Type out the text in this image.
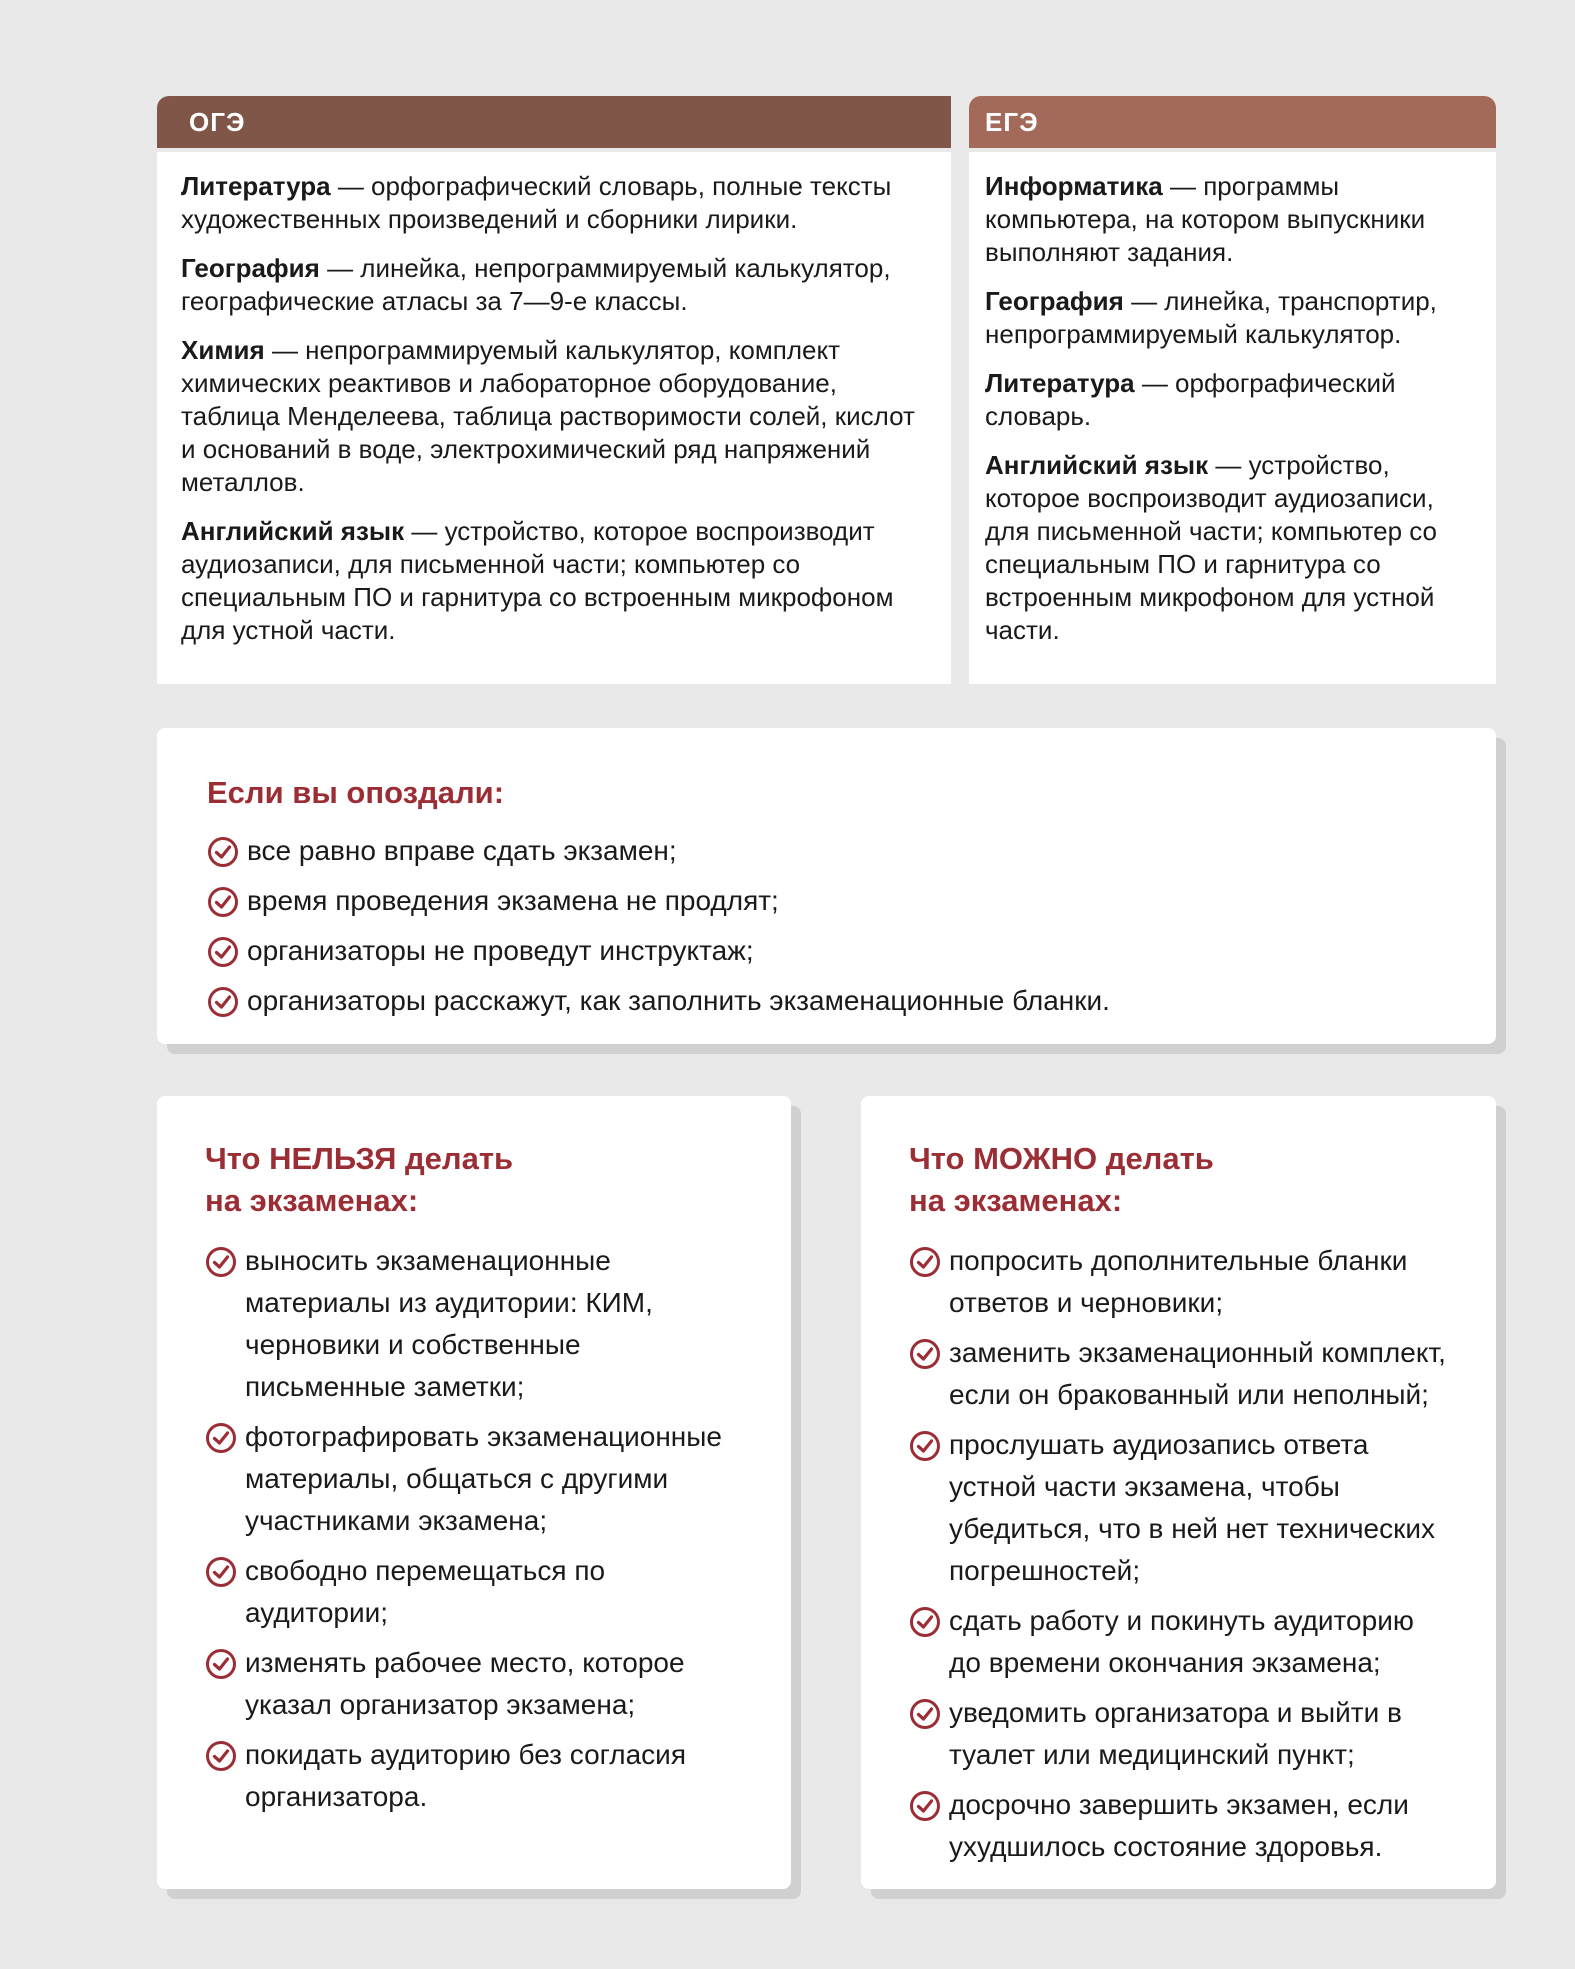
ОГЭ

Литература — орфографический словарь, полные тексты художественных произведений и сборники лирики.

География — линейка, непрограммируемый калькулятор, географические атласы за 7—9-е классы.

Химия — непрограммируемый калькулятор, комплект химических реактивов и лабораторное оборудование, таблица Менделеева, таблица растворимости солей, кислот и оснований в воде, электрохимический ряд напряжений металлов.

Английский язык — устройство, которое воспроизводит аудиозаписи, для письменной части; компьютер со специальным ПО и гарнитура со встроенным микрофоном для устной части.

ЕГЭ

Информатика — программы компьютера, на котором выпускники выполняют задания.

География — линейка, транспортир, непрограммируемый калькулятор.

Литература — орфографический словарь.

Английский язык — устройство, которое воспроизводит аудиозаписи, для письменной части; компьютер со специальным ПО и гарнитура со встроенным микрофоном для устной части.

Если вы опоздали:
все равно вправе сдать экзамен;
время проведения экзамена не продлят;
организаторы не проведут инструктаж;
организаторы расскажут, как заполнить экзаменационные бланки.
Что НЕЛЬЗЯ делать
на экзаменах:
выносить экзаменационные материалы из аудитории: КИМ, черновики и собственные письменные заметки;
фотографировать экзаменационные материалы, общаться с другими участниками экзамена;
свободно перемещаться по аудитории;
изменять рабочее место, которое указал организатор экзамена;
покидать аудиторию без согласия организатора.
Что МОЖНО делать
на экзаменах:
попросить дополнительные бланки ответов и черновики;
заменить экзаменационный комплект, если он бракованный или неполный;
прослушать аудиозапись ответа устной части экзамена, чтобы убедиться, что в ней нет технических погрешностей;
сдать работу и покинуть аудиторию до времени окончания экзамена;
уведомить организатора и выйти в туалет или медицинский пункт;
досрочно завершить экзамен, если ухудшилось состояние здоровья.
